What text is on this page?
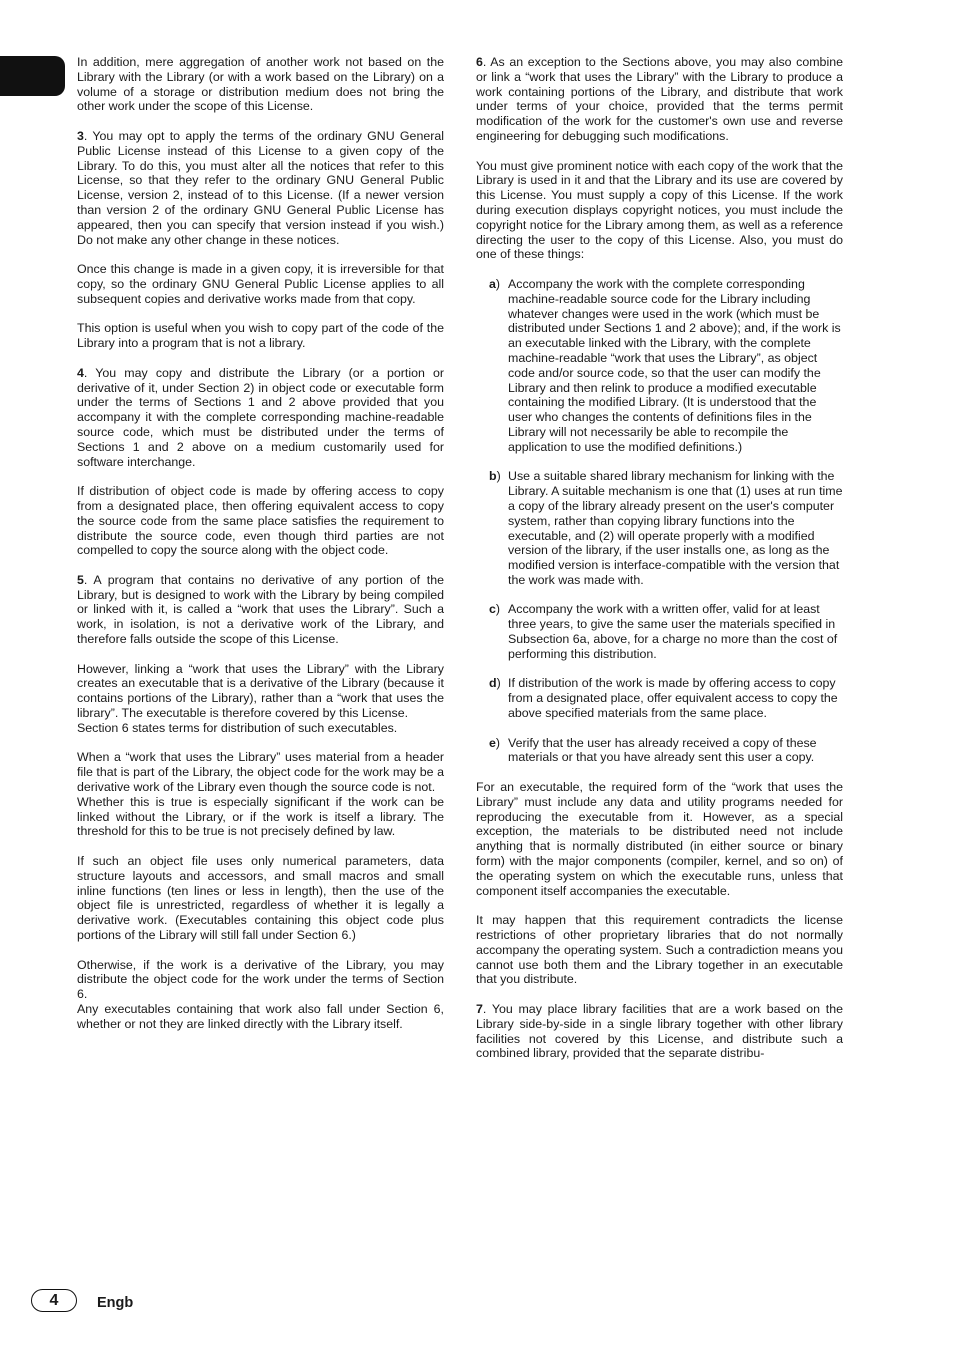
In addition, mere aggregation of another work not based on the Library with the Library (or with a work based on the Library) on a volume of a storage or distribution medium does not bring the other work under the scope of this License.

3. You may opt to apply the terms of the ordinary GNU General Public License instead of this License to a given copy of the Library. To do this, you must alter all the notices that refer to this License, so that they refer to the ordinary GNU General Public License, version 2, instead of to this License. (If a newer version than version 2 of the ordinary GNU General Public License has appeared, then you can specify that version instead if you wish.) Do not make any other change in these notices.

Once this change is made in a given copy, it is irreversible for that copy, so the ordinary GNU General Public License applies to all subsequent copies and derivative works made from that copy.

This option is useful when you wish to copy part of the code of the Library into a program that is not a library.

4. You may copy and distribute the Library (or a portion or derivative of it, under Section 2) in object code or executable form under the terms of Sections 1 and 2 above provided that you accompany it with the complete corresponding machine-readable source code, which must be distributed under the terms of Sections 1 and 2 above on a medium customarily used for software interchange.

If distribution of object code is made by offering access to copy from a designated place, then offering equivalent access to copy the source code from the same place satisfies the requirement to distribute the source code, even though third parties are not compelled to copy the source along with the object code.

5. A program that contains no derivative of any portion of the Library, but is designed to work with the Library by being compiled or linked with it, is called a “work that uses the Library”. Such a work, in isolation, is not a derivative work of the Library, and therefore falls outside the scope of this License.

However, linking a “work that uses the Library” with the Library creates an executable that is a derivative of the Library (because it contains portions of the Library), rather than a “work that uses the library”. The executable is therefore covered by this License.

Section 6 states terms for distribution of such executables.

When a “work that uses the Library” uses material from a header file that is part of the Library, the object code for the work may be a derivative work of the Library even though the source code is not.

Whether this is true is especially significant if the work can be linked without the Library, or if the work is itself a library. The threshold for this to be true is not precisely defined by law.

If such an object file uses only numerical parameters, data structure layouts and accessors, and small macros and small inline functions (ten lines or less in length), then the use of the object file is unrestricted, regardless of whether it is legally a derivative work. (Executables containing this object code plus portions of the Library will still fall under Section 6.)

Otherwise, if the work is a derivative of the Library, you may distribute the object code for the work under the terms of Section 6.

Any executables containing that work also fall under Section 6, whether or not they are linked directly with the Library itself.

6. As an exception to the Sections above, you may also combine or link a “work that uses the Library” with the Library to produce a work containing portions of the Library, and distribute that work under terms of your choice, provided that the terms permit modification of the work for the customer's own use and reverse engineering for debugging such modifications.

You must give prominent notice with each copy of the work that the Library is used in it and that the Library and its use are covered by this License. You must supply a copy of this License. If the work during execution displays copyright notices, you must include the copyright notice for the Library among them, as well as a reference directing the user to the copy of this License. Also, you must do one of these things:

a) Accompany the work with the complete corresponding machine-readable source code for the Library including whatever changes were used in the work (which must be distributed under Sections 1 and 2 above); and, if the work is an executable linked with the Library, with the complete machine-readable “work that uses the Library”, as object code and/or source code, so that the user can modify the Library and then relink to produce a modified executable containing the modified Library. (It is understood that the user who changes the contents of definitions files in the Library will not necessarily be able to recompile the application to use the modified definitions.)
b) Use a suitable shared library mechanism for linking with the Library. A suitable mechanism is one that (1) uses at run time a copy of the library already present on the user's computer system, rather than copying library functions into the executable, and (2) will operate properly with a modified version of the library, if the user installs one, as long as the modified version is interface-compatible with the version that the work was made with.
c) Accompany the work with a written offer, valid for at least three years, to give the same user the materials specified in Subsection 6a, above, for a charge no more than the cost of performing this distribution.
d) If distribution of the work is made by offering access to copy from a designated place, offer equivalent access to copy the above specified materials from the same place.
e) Verify that the user has already received a copy of these materials or that you have already sent this user a copy.

For an executable, the required form of the “work that uses the Library” must include any data and utility programs needed for reproducing the executable from it. However, as a special exception, the materials to be distributed need not include anything that is normally distributed (in either source or binary form) with the major components (compiler, kernel, and so on) of the operating system on which the executable runs, unless that component itself accompanies the executable.

It may happen that this requirement contradicts the license restrictions of other proprietary libraries that do not normally accompany the operating system. Such a contradiction means you cannot use both them and the Library together in an executable that you distribute.

7. You may place library facilities that are a work based on the Library side-by-side in a single library together with other library facilities not covered by this License, and distribute such a combined library, provided that the separate distribu-

4	Engb
